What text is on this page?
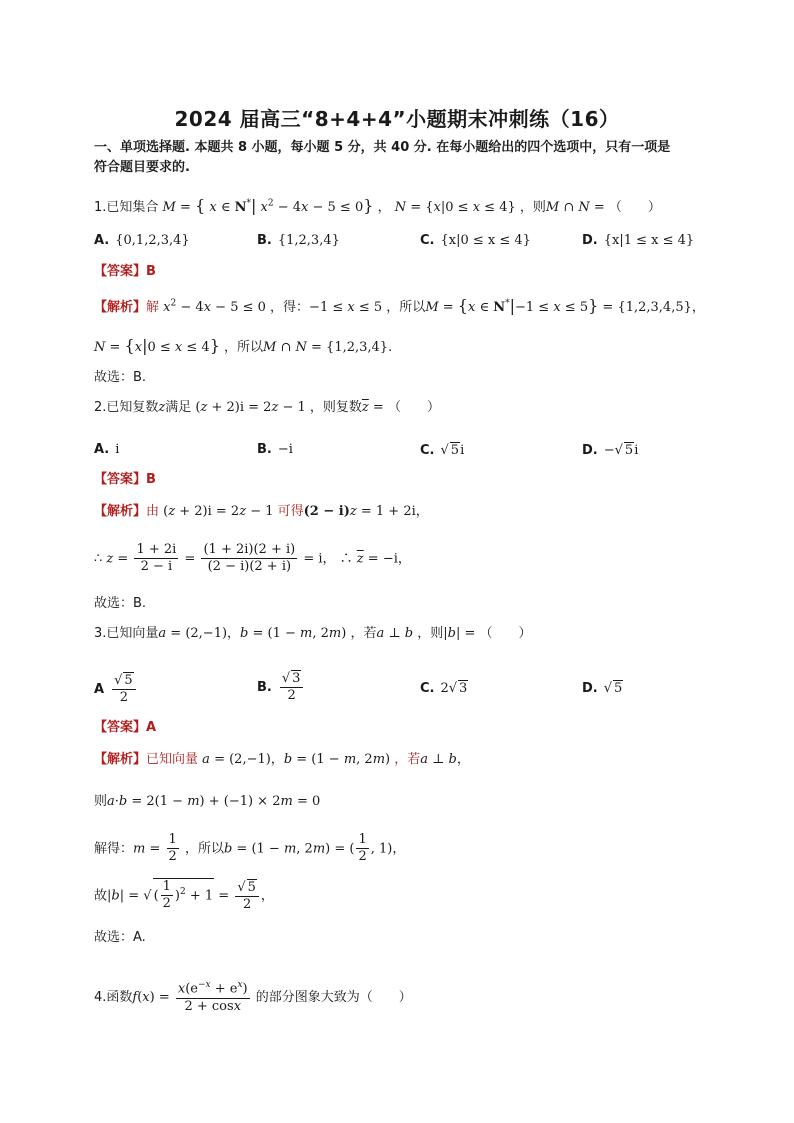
2024 届高三“8+4+4”小题期末冲刺练（16）
一、单项选择题. 本题共 8 小题，每小题 5 分，共 40 分. 在每小题给出的四个选项中，只有一项是
符合题目要求的.
1.已知集合 M = { x ∈ N*| $x^2 - 4x - 5 \le 0$} ， N = {x|0 ≤ x ≤ 4} ，则M ∩ N = （　　）
A. {0,1,2,3,4}	B. {1,2,3,4}	C. {x|0 ≤ x ≤ 4}	D. {x|1 ≤ x ≤ 4}
【答案】B
【解析】解 $x^2 - 4x - 5 \le 0$ ，得：−1 ≤ x ≤ 5 ，所以M = {x ∈ N*|−1 ≤ x ≤ 5} = {1,2,3,4,5}，
N = {x|0 ≤ x ≤ 4} ，所以M ∩ N = {1,2,3,4}.
故选：B.
2.已知复数z满足 (z + 2)i = 2z − 1 ，则复数$\overline{z}$ = （　　）
A. i	B. −i	C. √ 5i	D. −√ 5i
【答案】B
【解析】由 (z + 2)i = 2z − 1 可得(2 − i)z = 1 + 2i，
∴ $z = \frac{1 + 2i}{2 - i} = \frac{(1 + 2i)(2 + i)}{(2 - i)(2 + i)} = i$， ∴ $\overline{z} = -i$，
故选：B.
3.已知向量a = (2,−1)，b = (1 − m, 2m) ，若a ⊥ b ，则|b| = （　　）
A $\frac{√ 5}{2}$	B. $\frac{√ 3}{2}$	C. 2√ 3	D. √ 5
【答案】A
【解析】已知向量 a = (2,−1)，b = (1 − m, 2m) ，若a ⊥ b，
则a·b = 2(1 − m) + (−1) × 2m = 0
解得：$m = \frac{1}{2}$ ，所以b = (1 − m, 2m) = ( $\frac{1}{2}$ , 1)，
故|b| = √ ( $\frac{1}{2} )^2 + 1 = \frac{√ 5}{2}$ ，
故选：A.
4.函数$f(x) = \frac{x(e^{-x} + e^x)}{2 + \cos x}$ 的部分图象大致为（　　）
